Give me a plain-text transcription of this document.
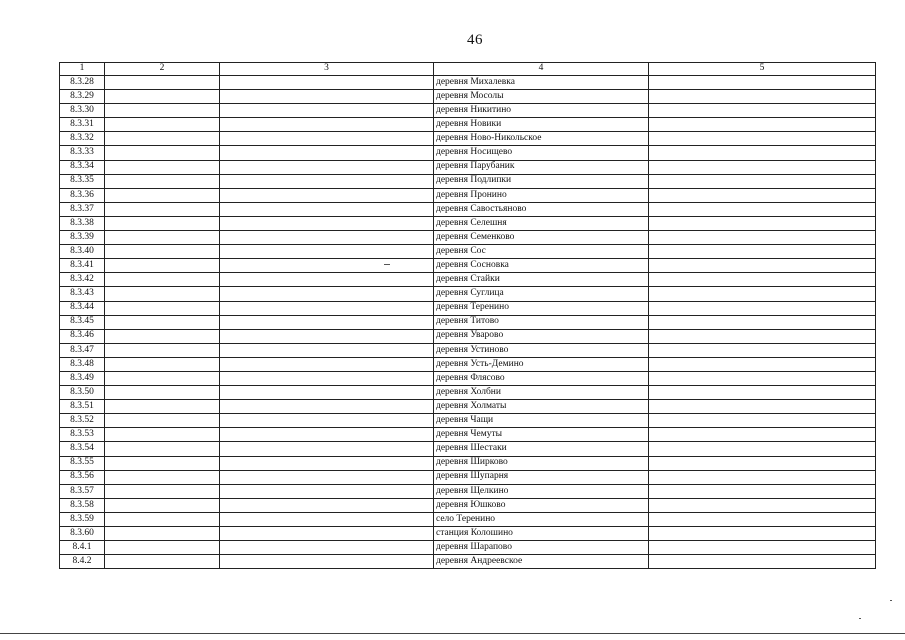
46
1	2	3	4	5
8.3.28			деревня Михалевка	
8.3.29			деревня Мосолы	
8.3.30			деревня Никитино	
8.3.31			деревня Новики	
8.3.32			деревня Ново-Никольское	
8.3.33			деревня Носищево	
8.3.34			деревня Парубаник	
8.3.35			деревня Подлипки	
8.3.36			деревня Пронино	
8.3.37			деревня Савостьяново	
8.3.38			деревня Селешня	
8.3.39			деревня Семенково	
8.3.40			деревня Сос	
8.3.41			деревня Сосновка	
8.3.42			деревня Стайки	
8.3.43			деревня Суглица	
8.3.44			деревня Теренино	
8.3.45			деревня Титово	
8.3.46			деревня Уварово	
8.3.47			деревня Устиново	
8.3.48			деревня Усть-Демино	
8.3.49			деревня Флясово	
8.3.50			деревня Холбни	
8.3.51			деревня Холматы	
8.3.52			деревня Чащи	
8.3.53			деревня Чемуты	
8.3.54			деревня Шестаки	
8.3.55			деревня Ширково	
8.3.56			деревня Шупарня	
8.3.57			деревня Щелкино	
8.3.58			деревня Юшково	
8.3.59			село Теренино	
8.3.60			станция Колошино	
8.4.1			деревня Шарапово	
8.4.2			деревня Андреевское	
